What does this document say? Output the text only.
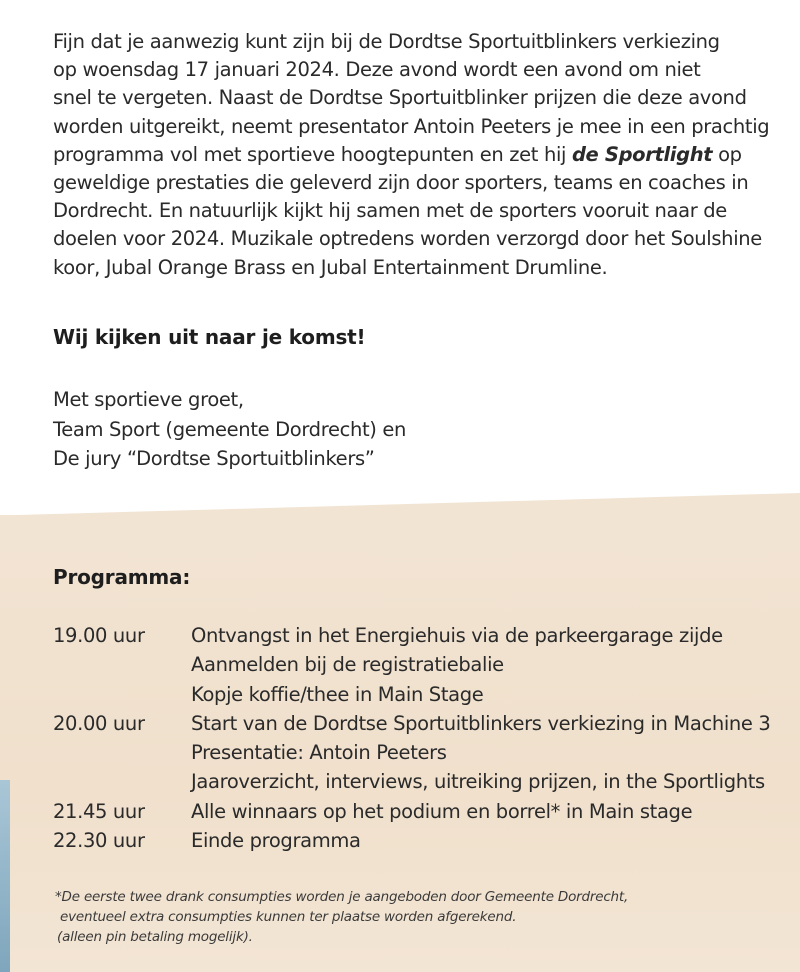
Fijn dat je aanwezig kunt zijn bij de Dordtse Sportuitblinkers verkiezing
op woensdag 17 januari 2024. Deze avond wordt een avond om niet
snel te vergeten. Naast de Dordtse Sportuitblinker prijzen die deze avond
worden uitgereikt, neemt presentator Antoin Peeters je mee in een prachtig
programma vol met sportieve hoogtepunten en zet hij de Sportlight op
geweldige prestaties die geleverd zijn door sporters, teams en coaches in
Dordrecht. En natuurlijk kijkt hij samen met de sporters vooruit naar de
doelen voor 2024. Muzikale optredens worden verzorgd door het Soulshine
koor, Jubal Orange Brass en Jubal Entertainment Drumline.
Wij kijken uit naar je komst!
Met sportieve groet,
Team Sport (gemeente Dordrecht) en
De jury “Dordtse Sportuitblinkers”
Programma:
19.00 uur	Ontvangst in het Energiehuis via de parkeergarage zijde
Aanmelden bij de registratiebalie
Kopje koffie/thee in Main Stage
20.00 uur	Start van de Dordtse Sportuitblinkers verkiezing in Machine 3
Presentatie: Antoin Peeters
Jaaroverzicht, interviews, uitreiking prijzen, in the Sportlights
21.45 uur	Alle winnaars op het podium en borrel* in Main stage
22.30 uur	Einde programma
*De eerste twee drank consumpties worden je aangeboden door Gemeente Dordrecht,
eventueel extra consumpties kunnen ter plaatse worden afgerekend.
(alleen pin betaling mogelijk).
